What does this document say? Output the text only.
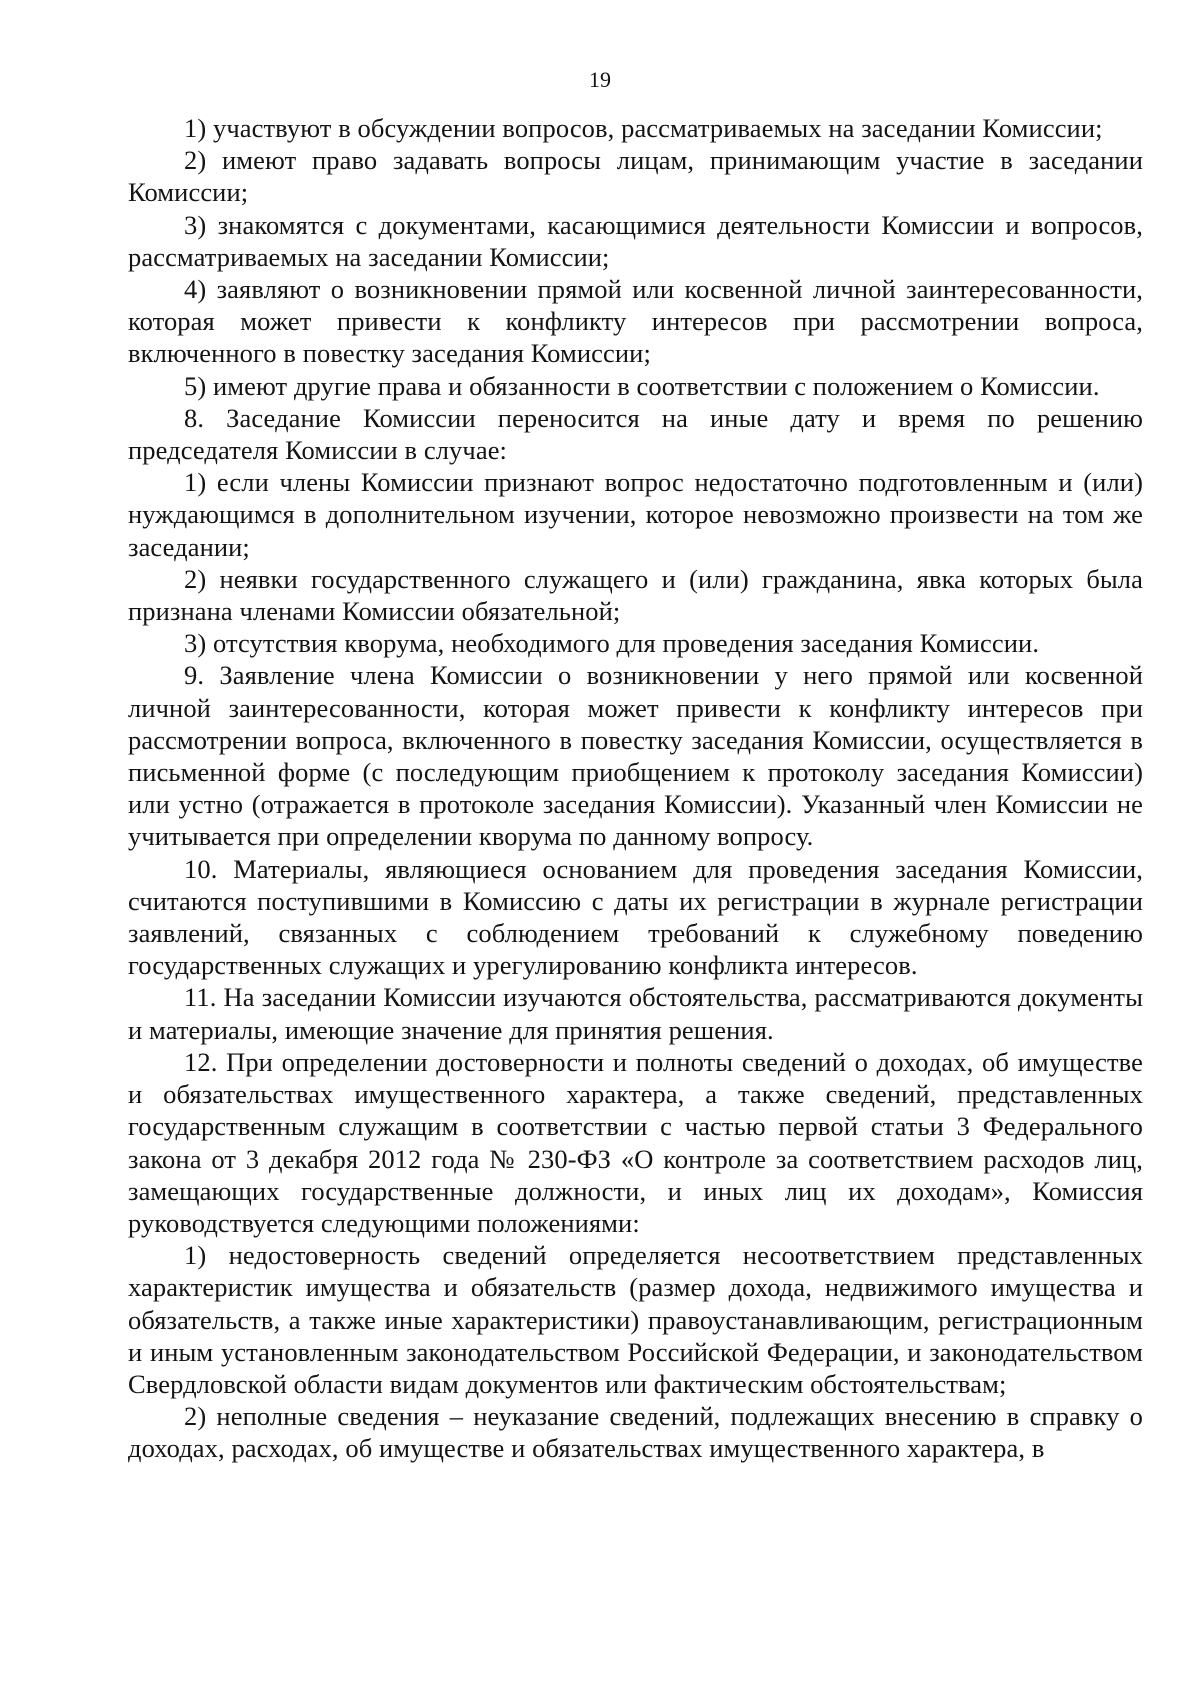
19

1) участвуют в обсуждении вопросов, рассматриваемых на заседании Комиссии;

2) имеют право задавать вопросы лицам, принимающим участие в заседании Комиссии;

3) знакомятся с документами, касающимися деятельности Комиссии и вопросов, рассматриваемых на заседании Комиссии;

4) заявляют о возникновении прямой или косвенной личной заинтересованности, которая может привести к конфликту интересов при рассмотрении вопроса, включенного в повестку заседания Комиссии;

5) имеют другие права и обязанности в соответствии с положением о Комиссии.

8. Заседание Комиссии переносится на иные дату и время по решению председателя Комиссии в случае:

1) если члены Комиссии признают вопрос недостаточно подготовленным и (или) нуждающимся в дополнительном изучении, которое невозможно произвести на том же заседании;

2) неявки государственного служащего и (или) гражданина, явка которых была признана членами Комиссии обязательной;

3) отсутствия кворума, необходимого для проведения заседания Комиссии.

9. Заявление члена Комиссии о возникновении у него прямой или косвенной личной заинтересованности, которая может привести к конфликту интересов при рассмотрении вопроса, включенного в повестку заседания Комиссии, осуществляется в письменной форме (с последующим приобщением к протоколу заседания Комиссии) или устно (отражается в протоколе заседания Комиссии). Указанный член Комиссии не учитывается при определении кворума по данному вопросу.

10. Материалы, являющиеся основанием для проведения заседания Комиссии, считаются поступившими в Комиссию с даты их регистрации в журнале регистрации заявлений, связанных с соблюдением требований к служебному поведению государственных служащих и урегулированию конфликта интересов.

11. На заседании Комиссии изучаются обстоятельства, рассматриваются документы и материалы, имеющие значение для принятия решения.

12. При определении достоверности и полноты сведений о доходах, об имуществе и обязательствах имущественного характера, а также сведений, представленных государственным служащим в соответствии с частью первой статьи 3 Федерального закона от 3 декабря 2012 года № 230-ФЗ «О контроле за соответствием расходов лиц, замещающих государственные должности, и иных лиц их доходам», Комиссия руководствуется следующими положениями:

1) недостоверность сведений определяется несоответствием представленных характеристик имущества и обязательств (размер дохода, недвижимого имущества и обязательств, а также иные характеристики) правоустанавливающим, регистрационным и иным установленным законодательством Российской Федерации, и законодательством Свердловской области видам документов или фактическим обстоятельствам;

2) неполные сведения – неуказание сведений, подлежащих внесению в справку о доходах, расходах, об имуществе и обязательствах имущественного характера, в
